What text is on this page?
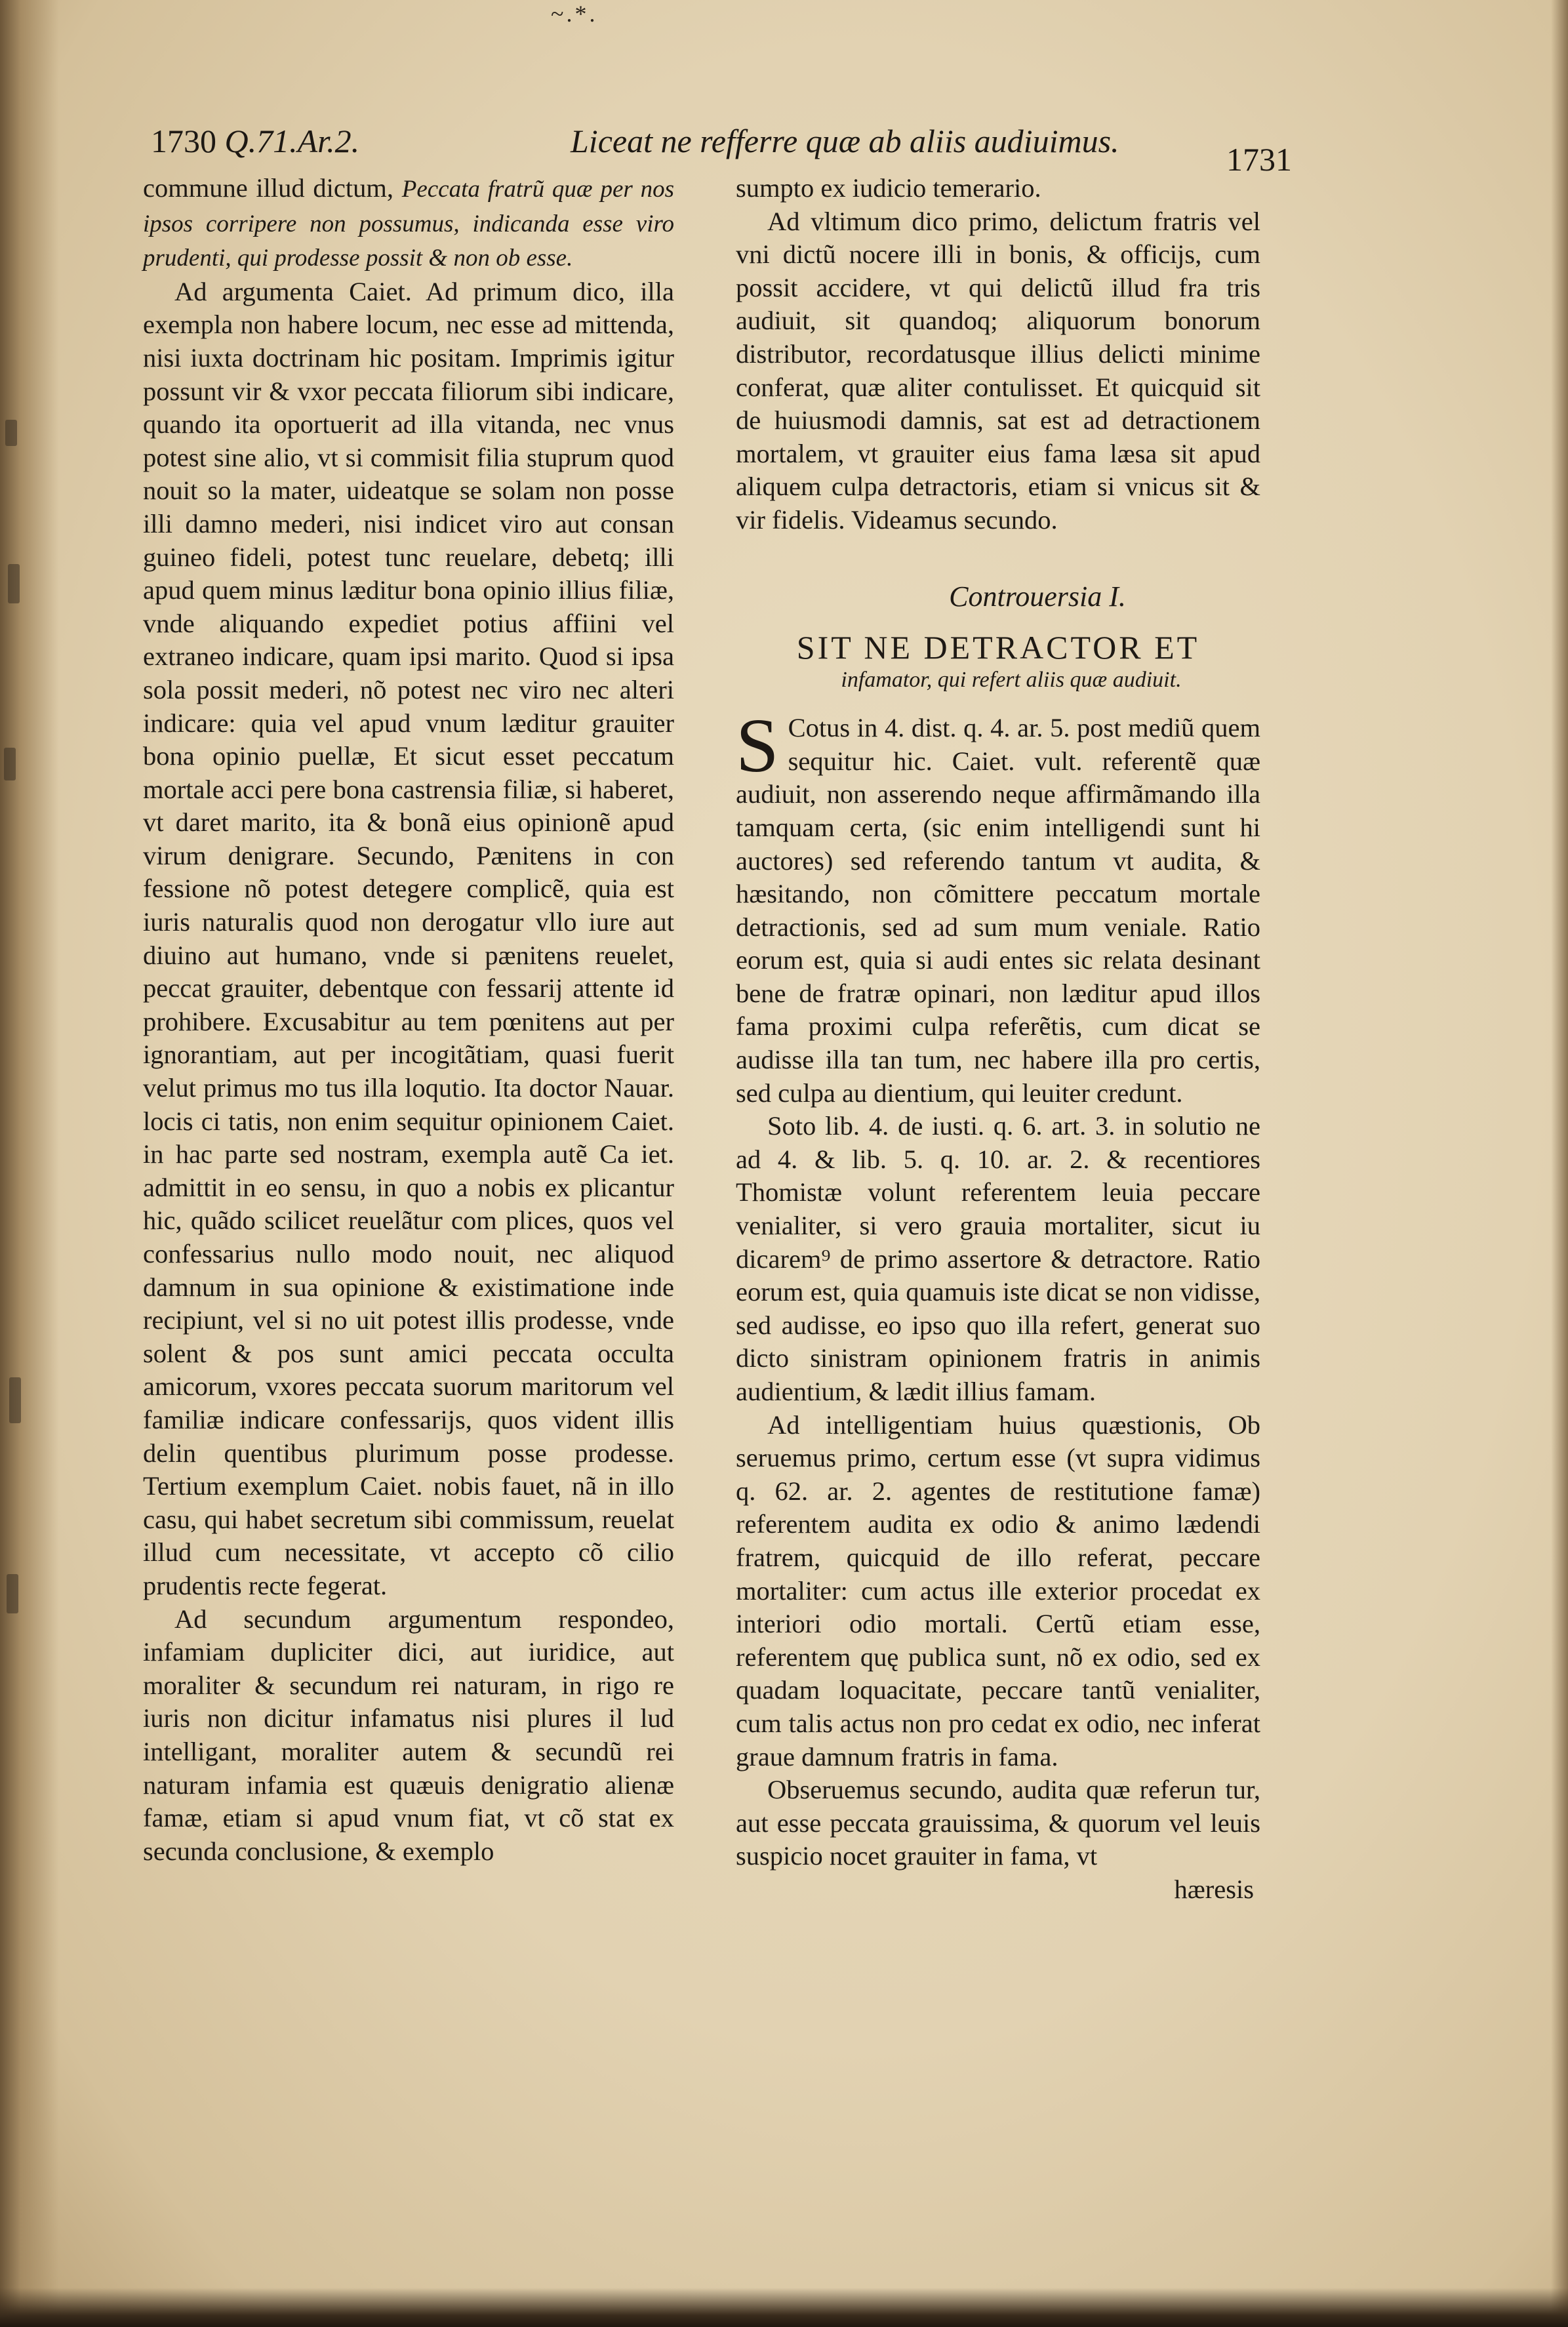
~.*.
1730 Q.71.Ar.2.	Liceat ne refferre quæ ab aliis audiuimus.	1731

commune illud dictum, Peccata fratrũ quæ per nos ipsos corripere non possumus, indicanda esse viro prudenti, qui prodesse possit & non ob esse.

Ad argumenta Caiet. Ad primum dico, illa exempla non habere locum, nec esse ad mittenda, nisi iuxta doctrinam hic positam. Imprimis igitur possunt vir & vxor peccata filiorum sibi indicare, quando ita oportuerit ad illa vitanda, nec vnus potest sine alio, vt si commisit filia stuprum quod nouit so la mater, uideatque se solam non posse illi damno mederi, nisi indicet viro aut consan guineo fideli, potest tunc reuelare, debetq; illi apud quem minus læditur bona opinio illius filiæ, vnde aliquando expediet potius affiini vel extraneo indicare, quam ipsi marito. Quod si ipsa sola possit mederi, nõ potest nec viro nec alteri indicare: quia vel apud vnum læditur grauiter bona opinio puellæ, Et sicut esset peccatum mortale acci pere bona castrensia filiæ, si haberet, vt daret marito, ita & bonã eius opinionẽ apud virum denigrare. Secundo, Pænitens in con fessione nõ potest detegere complicẽ, quia est iuris naturalis quod non derogatur vllo iure aut diuino aut humano, vnde si pænitens reuelet, peccat grauiter, debentque con fessarij attente id prohibere. Excusabitur au tem pœnitens aut per ignorantiam, aut per incogitãtiam, quasi fuerit velut primus mo tus illa loqutio. Ita doctor Nauar. locis ci tatis, non enim sequitur opinionem Caiet. in hac parte sed nostram, exempla autẽ Ca iet. admittit in eo sensu, in quo a nobis ex plicantur hic, quãdo scilicet reuelãtur com plices, quos vel confessarius nullo modo nouit, nec aliquod damnum in sua opinione & existimatione inde recipiunt, vel si no uit potest illis prodesse, vnde solent & pos sunt amici peccata occulta amicorum, vxores peccata suorum maritorum vel familiæ indicare confessarijs, quos vident illis delin quentibus plurimum posse prodesse. Tertium exemplum Caiet. nobis fauet, nã in illo casu, qui habet secretum sibi commissum, reuelat illud cum necessitate, vt accepto cõ cilio prudentis recte fegerat.

Ad secundum argumentum respondeo, infamiam dupliciter dici, aut iuridice, aut moraliter & secundum rei naturam, in rigo re iuris non dicitur infamatus nisi plures il lud intelligant, moraliter autem & secundũ rei naturam infamia est quæuis denigratio alienæ famæ, etiam si apud vnum fiat, vt cõ stat ex secunda conclusione, & exemplo

sumpto ex iudicio temerario.

Ad vltimum dico primo, delictum fratris vel vni dictũ nocere illi in bonis, & officijs, cum possit accidere, vt qui delictũ illud fra tris audiuit, sit quandoq; aliquorum bonorum distributor, recordatusque illius delicti minime conferat, quæ aliter contulisset. Et quicquid sit de huiusmodi damnis, sat est ad detractionem mortalem, vt grauiter eius fama læsa sit apud aliquem culpa detractoris, etiam si vnicus sit & vir fidelis. Videamus secundo.

Controuersia I.
SIT NE DETRACTOR ET
infamator, qui refert aliis quæ audiuit.

S Cotus in 4. dist. q. 4. ar. 5. post mediũ quem sequitur hic. Caiet. vult. referentẽ quæ audiuit, non asserendo neque affirmãmando illa tamquam certa, (sic enim intelligendi sunt hi auctores) sed referendo tantum vt audita, & hæsitando, non cõmittere peccatum mortale detractionis, sed ad sum mum veniale. Ratio eorum est, quia si audi entes sic relata desinant bene de fratræ opinari, non læditur apud illos fama proximi culpa referẽtis, cum dicat se audisse illa tan tum, nec habere illa pro certis, sed culpa au dientium, qui leuiter credunt.

Soto lib. 4. de iusti. q. 6. art. 3. in solutio ne ad 4. & lib. 5. q. 10. ar. 2. & recentiores Thomistæ volunt referentem leuia peccare venialiter, si vero grauia mortaliter, sicut iu dicarem⁹ de primo assertore & detractore. Ratio eorum est, quia quamuis iste dicat se non vidisse, sed audisse, eo ipso quo illa refert, generat suo dicto sinistram opinionem fratris in animis audientium, & lædit illius famam.

Ad intelligentiam huius quæstionis, Ob seruemus primo, certum esse (vt supra vidimus q. 62. ar. 2. agentes de restitutione famæ) referentem audita ex odio & animo lædendi fratrem, quicquid de illo referat, peccare mortaliter: cum actus ille exterior procedat ex interiori odio mortali. Certũ etiam esse, referentem quę publica sunt, nõ ex odio, sed ex quadam loquacitate, peccare tantũ venialiter, cum talis actus non pro cedat ex odio, nec inferat graue damnum fratris in fama.

Obseruemus secundo, audita quæ referun tur, aut esse peccata grauissima, & quorum vel leuis suspicio nocet grauiter in fama, vt

hæresis
